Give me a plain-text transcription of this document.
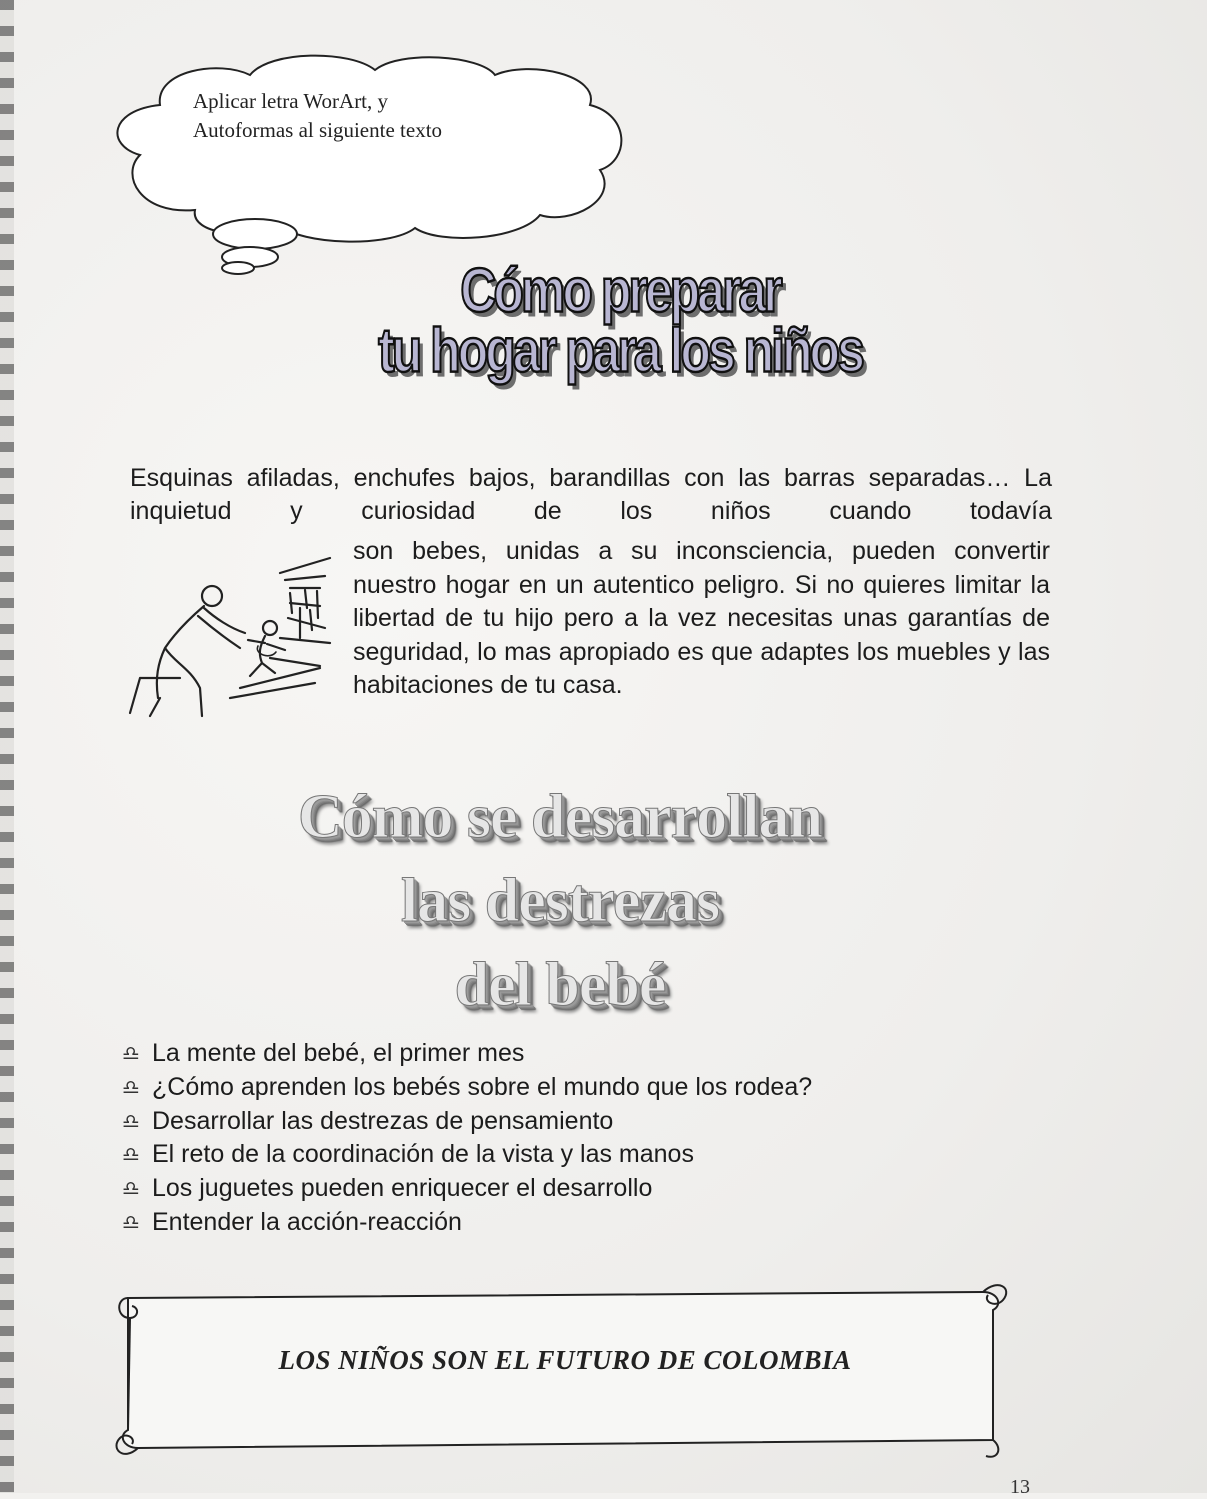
Aplicar letra WorArt, y
Autoformas al siguiente texto
Cómo preparar
tu hogar para los niños
Esquinas afiladas, enchufes bajos, barandillas con las barras separadas… La inquietud y curiosidad de los niños cuando todavía
son bebes, unidas a su inconsciencia, pueden convertir nuestro hogar en un autentico peligro. Si no quieres limitar la libertad de tu hijo pero a la vez necesitas unas garantías de seguridad, lo mas apropiado es que adaptes los muebles y las habitaciones de tu casa.
Cómo se desarrollan
las destrezas
del bebé
♎ La mente del bebé, el primer mes
♎ ¿Cómo aprenden los bebés sobre el mundo que los rodea?
♎ Desarrollar las destrezas de pensamiento
♎ El reto de la coordinación de la vista y las manos
♎ Los juguetes pueden enriquecer el desarrollo
♎ Entender la acción-reacción
LOS NIÑOS SON EL FUTURO DE COLOMBIA
13
